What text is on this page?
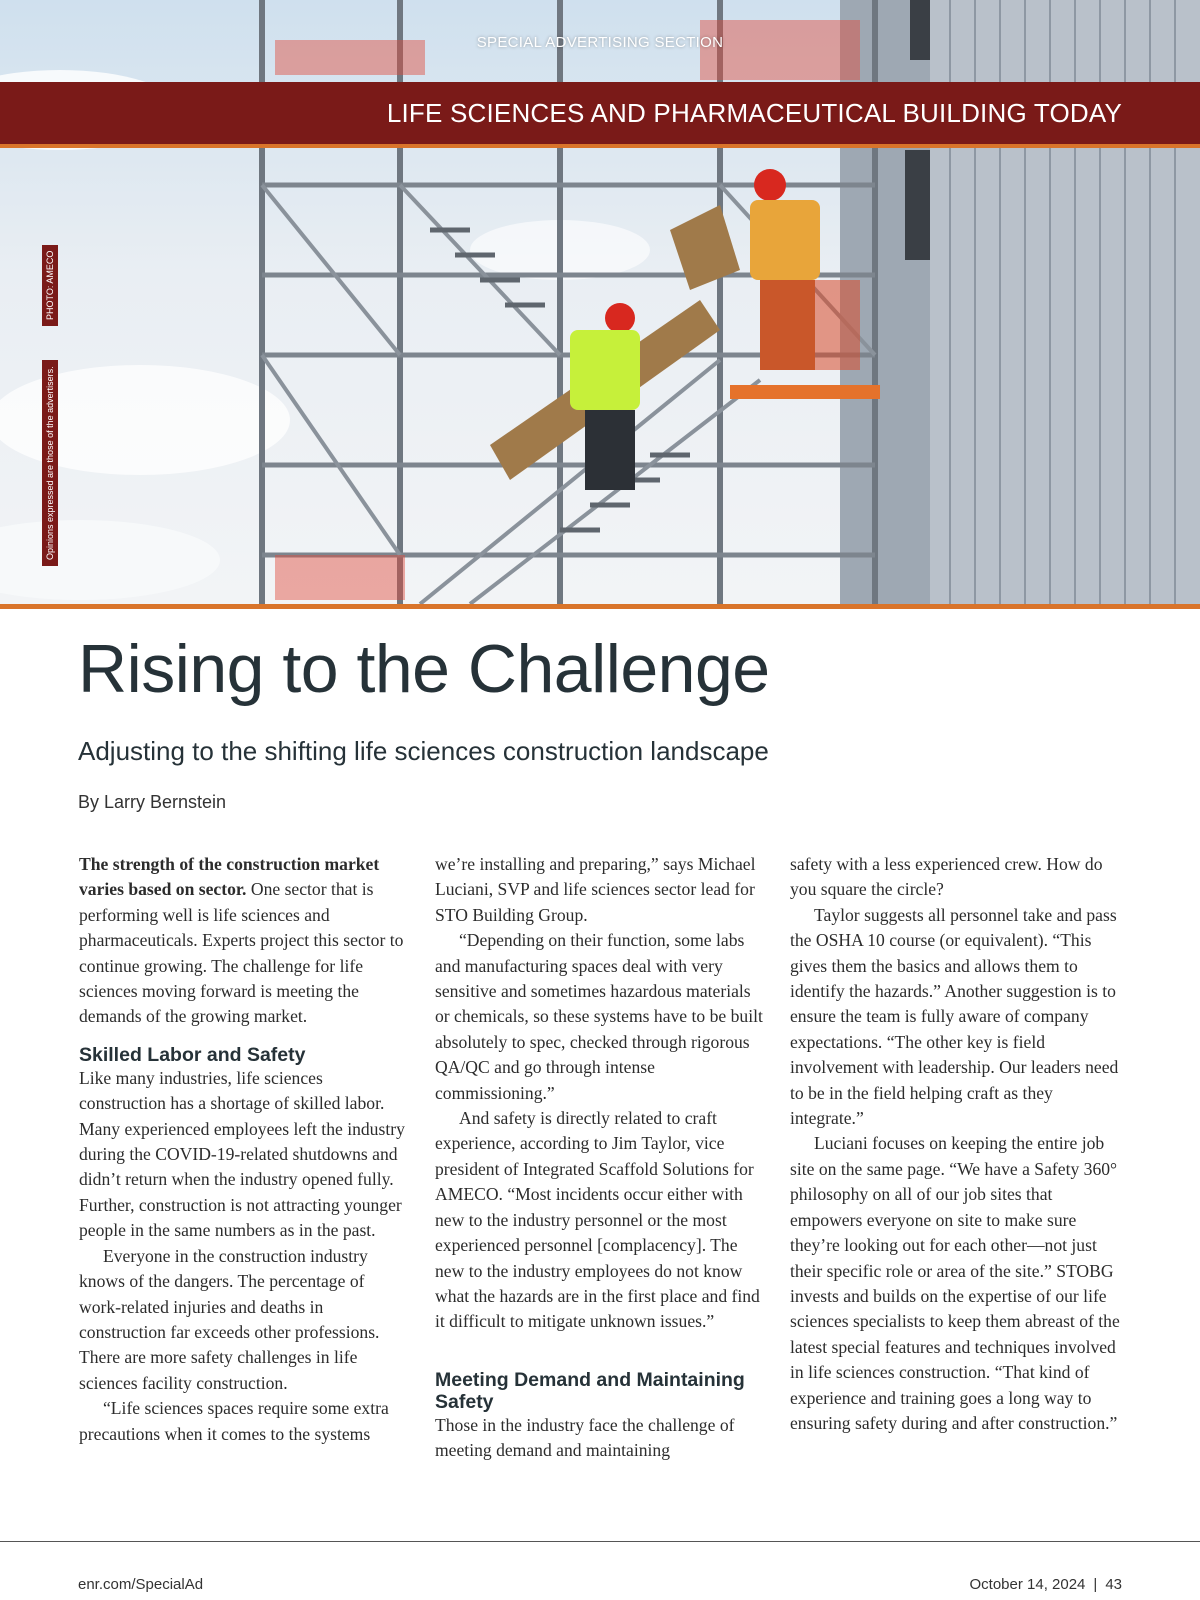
SPECIAL ADVERTISING SECTION
LIFE SCIENCES AND PHARMACEUTICAL BUILDING TODAY
PHOTO: AMECO
Opinions expressed are those of the advertisers.
Rising to the Challenge
Adjusting to the shifting life sciences construction landscape
By Larry Bernstein

The strength of the construction market varies based on sector. One sector that is performing well is life sciences and pharmaceuticals. Experts project this sector to continue growing. The challenge for life sciences moving forward is meeting the demands of the growing market.

Skilled Labor and Safety

Like many industries, life sciences construction has a shortage of skilled labor. Many experienced employees left the industry during the COVID-19-related shutdowns and didn’t return when the industry opened fully. Further, construction is not attracting younger people in the same numbers as in the past.

Everyone in the construction industry knows of the dangers. The percentage of work-related injuries and deaths in construction far exceeds other professions. There are more safety challenges in life sciences facility construction.

“Life sciences spaces require some extra precautions when it comes to the systems

we’re installing and preparing,” says Michael Luciani, SVP and life sciences sector lead for STO Building Group.

“Depending on their function, some labs and manufacturing spaces deal with very sensitive and sometimes hazardous materials or chemicals, so these systems have to be built absolutely to spec, checked through rigorous QA/QC and go through intense commissioning.”

And safety is directly related to craft experience, according to Jim Taylor, vice president of Integrated Scaffold Solutions for AMECO. “Most incidents occur either with new to the industry personnel or the most experienced personnel [complacency]. The new to the industry employees do not know what the hazards are in the first place and find it difficult to mitigate unknown issues.”

Meeting Demand and Maintaining Safety

Those in the industry face the challenge of meeting demand and maintaining

safety with a less experienced crew. How do you square the circle?

Taylor suggests all personnel take and pass the OSHA 10 course (or equivalent). “This gives them the basics and allows them to identify the hazards.” Another suggestion is to ensure the team is fully aware of company expectations. “The other key is field involvement with leadership. Our leaders need to be in the field helping craft as they integrate.”

Luciani focuses on keeping the entire job site on the same page. “We have a Safety 360° philosophy on all of our job sites that empowers everyone on site to make sure they’re looking out for each other—not just their specific role or area of the site.” STOBG invests and builds on the expertise of our life sciences specialists to keep them abreast of the latest special features and techniques involved in life sciences construction. “That kind of experience and training goes a long way to ensuring safety during and after construction.”

enr.com/SpecialAd	October 14, 2024 | 43
